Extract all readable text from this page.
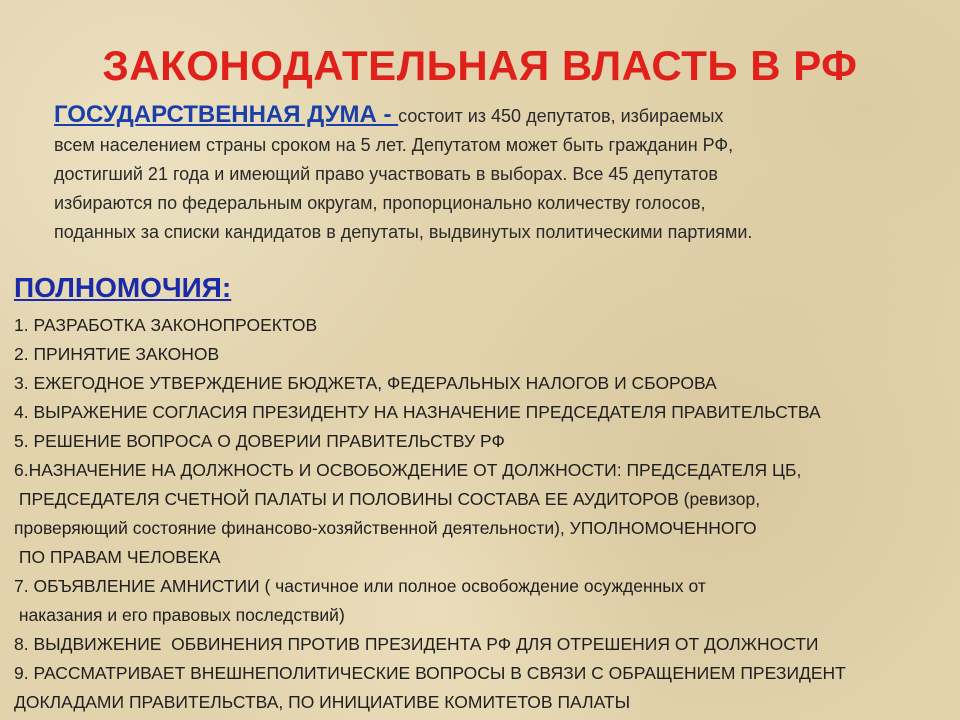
ЗАКОНОДАТЕЛЬНАЯ ВЛАСТЬ В РФ
ГОСУДАРСТВЕННАЯ ДУМА - состоит из 450 депутатов, избираемых
всем населением страны сроком на 5 лет. Депутатом может быть гражданин РФ,
достигший 21 года и имеющий право участвовать в выборах. Все 45 депутатов
избираются по федеральным округам, пропорционально количеству голосов,
поданных за списки кандидатов в депутаты, выдвинутых политическими партиями.
ПОЛНОМОЧИЯ:
1. РАЗРАБОТКА ЗАКОНОПРОЕКТОВ
2. ПРИНЯТИЕ ЗАКОНОВ
3. ЕЖЕГОДНОЕ УТВЕРЖДЕНИЕ БЮДЖЕТА, ФЕДЕРАЛЬНЫХ НАЛОГОВ И СБОРОВА
4. ВЫРАЖЕНИЕ СОГЛАСИЯ ПРЕЗИДЕНТУ НА НАЗНАЧЕНИЕ ПРЕДСЕДАТЕЛЯ ПРАВИТЕЛЬСТВА
5. РЕШЕНИЕ ВОПРОСА О ДОВЕРИИ ПРАВИТЕЛЬСТВУ РФ
6.НАЗНАЧЕНИЕ НА ДОЛЖНОСТЬ И ОСВОБОЖДЕНИЕ ОТ ДОЛЖНОСТИ: ПРЕДСЕДАТЕЛЯ ЦБ,
ПРЕДСЕДАТЕЛЯ СЧЕТНОЙ ПАЛАТЫ И ПОЛОВИНЫ СОСТАВА ЕЕ АУДИТОРОВ (ревизор,
проверяющий состояние финансово-хозяйственной деятельности), УПОЛНОМОЧЕННОГО
ПО ПРАВАМ ЧЕЛОВЕКА
7. ОБЪЯВЛЕНИЕ АМНИСТИИ ( частичное или полное освобождение осужденных от
наказания и его правовых последствий)
8. ВЫДВИЖЕНИЕ  ОБВИНЕНИЯ ПРОТИВ ПРЕЗИДЕНТА РФ ДЛЯ ОТРЕШЕНИЯ ОТ ДОЛЖНОСТИ
9. РАССМАТРИВАЕТ ВНЕШНЕПОЛИТИЧЕСКИЕ ВОПРОСЫ В СВЯЗИ С ОБРАЩЕНИЕМ ПРЕЗИДЕНТ
ДОКЛАДАМИ ПРАВИТЕЛЬСТВА, ПО ИНИЦИАТИВЕ КОМИТЕТОВ ПАЛАТЫ
